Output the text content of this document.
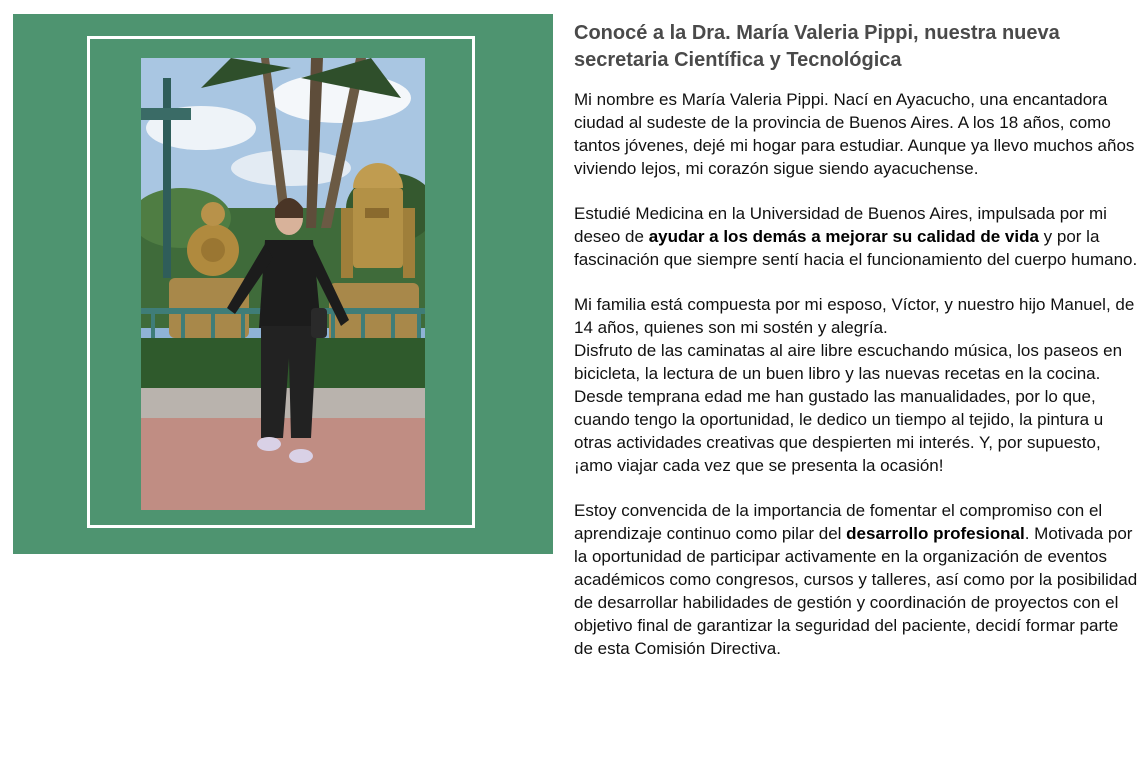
Conocé a la Dra. María Valeria Pippi, nuestra nueva secretaria Científica y Tecnológica

Mi nombre es María Valeria Pippi. Nací en Ayacucho, una encantadora ciudad al sudeste de la provincia de Buenos Aires. A los 18 años, como tantos jóvenes, dejé mi hogar para estudiar. Aunque ya llevo muchos años viviendo lejos, mi corazón sigue siendo ayacuchense.

Estudié Medicina en la Universidad de Buenos Aires, impulsada por mi deseo de ayudar a los demás a mejorar su calidad de vida y por la fascinación que siempre sentí hacia el funcionamiento del cuerpo humano.

Mi familia está compuesta por mi esposo, Víctor, y nuestro hijo Manuel, de 14 años, quienes son mi sostén y alegría.
Disfruto de las caminatas al aire libre escuchando música, los paseos en bicicleta, la lectura de un buen libro y las nuevas recetas en la cocina. Desde temprana edad me han gustado las manualidades, por lo que, cuando tengo la oportunidad, le dedico un tiempo al tejido, la pintura u otras actividades creativas que despierten mi interés. Y, por supuesto, ¡amo viajar cada vez que se presenta la ocasión!

Estoy convencida de la importancia de fomentar el compromiso con el aprendizaje continuo como pilar del desarrollo profesional. Motivada por la oportunidad de participar activamente en la organización de eventos académicos como congresos, cursos y talleres, así como por la posibilidad de desarrollar habilidades de gestión y coordinación de proyectos con el objetivo final de garantizar la seguridad del paciente, decidí formar parte de esta Comisión Directiva.
